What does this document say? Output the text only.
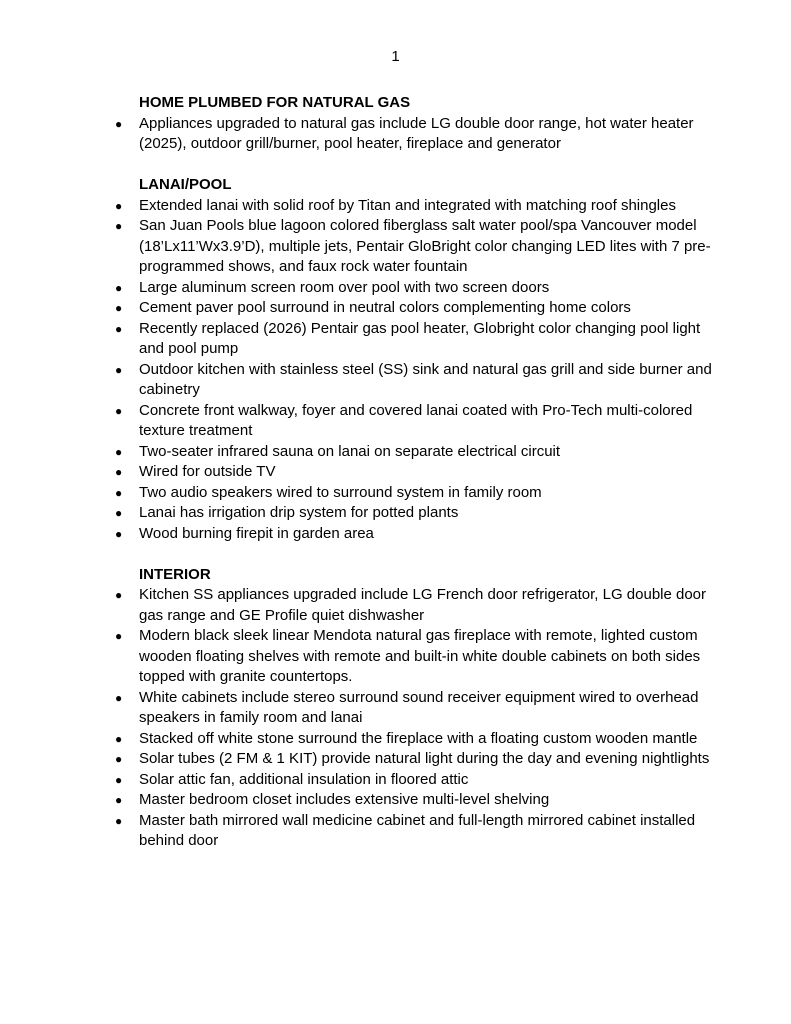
1

HOME PLUMBED FOR NATURAL GAS

● Appliances upgraded to natural gas include LG double door range, hot water heater (2025), outdoor grill/burner, pool heater, fireplace and generator

LANAI/POOL

● Extended lanai with solid roof by Titan and integrated with matching roof shingles
● San Juan Pools blue lagoon colored fiberglass salt water pool/spa Vancouver model (18’Lx11’Wx3.9’D), multiple jets, Pentair GloBright color changing LED lites with 7 pre-programmed shows, and faux rock water fountain
● Large aluminum screen room over pool with two screen doors
● Cement paver pool surround in neutral colors complementing home colors
● Recently replaced (2026) Pentair gas pool heater, Globright color changing pool light and pool pump
● Outdoor kitchen with stainless steel (SS) sink and natural gas grill and side burner and cabinetry
● Concrete front walkway, foyer and covered lanai coated with Pro-Tech multi-colored texture treatment
● Two-seater infrared sauna on lanai on separate electrical circuit
● Wired for outside TV
● Two audio speakers wired to surround system in family room
● Lanai has irrigation drip system for potted plants
● Wood burning firepit in garden area

INTERIOR

● Kitchen SS appliances upgraded include LG French door refrigerator, LG double door gas range and GE Profile quiet dishwasher
● Modern black sleek linear Mendota natural gas fireplace with remote, lighted custom wooden floating shelves with remote and built-in white double cabinets on both sides topped with granite countertops.
● White cabinets include stereo surround sound receiver equipment wired to overhead speakers in family room and lanai
● Stacked off white stone surround the fireplace with a floating custom wooden mantle
● Solar tubes (2 FM & 1 KIT) provide natural light during the day and evening nightlights
● Solar attic fan, additional insulation in floored attic
● Master bedroom closet includes extensive multi-level shelving
● Master bath mirrored wall medicine cabinet and full-length mirrored cabinet installed behind door
